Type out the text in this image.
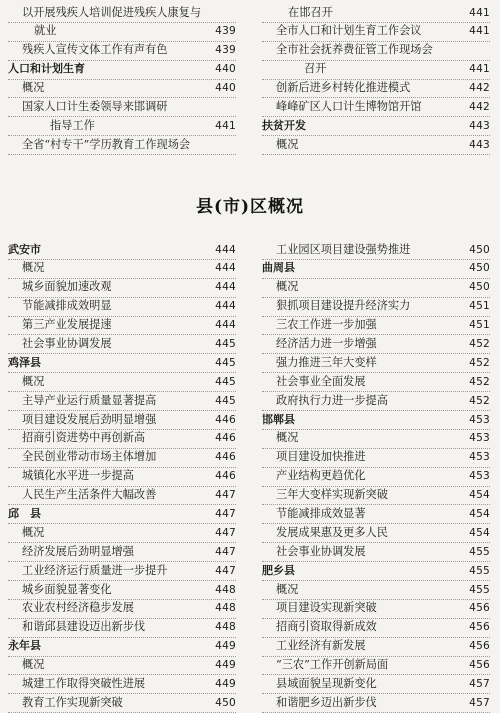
以开展残疾人培训促进残疾人康复与
就业	439
残疾人宣传文体工作有声有色	439
人口和计划生育	440
概况	440
国家人口计生委领导来邯调研
指导工作	441
全省“村专干”学历教育工作现场会
在邯召开	441
全市人口和计划生育工作会议	441
全市社会抚养费征管工作现场会
召开	441
创新后进乡村转化推进模式	442
峰峰矿区人口计生博物馆开馆	442
扶贫开发	443
概况	443
县(市)区概况
武安市	444
概况	444
城乡面貌加速改观	444
节能减排成效明显	444
第三产业发展提速	444
社会事业协调发展	445
鸡泽县	445
概况	445
主导产业运行质量显著提高	445
项目建设发展后劲明显增强	446
招商引资进势中再创新高	446
全民创业带动市场主体增加	446
城镇化水平进一步提高	446
人民生产生活条件大幅改善	447
邱　县	447
概况	447
经济发展后劲明显增强	447
工业经济运行质量进一步提升	447
城乡面貌显著变化	448
农业农村经济稳步发展	448
和谐邱县建设迈出新步伐	448
永年县	449
概况	449
城建工作取得突破性进展	449
教育工作实现新突破	450
工业园区项目建设强势推进	450
曲周县	450
概况	450
狠抓项目建设提升经济实力	451
三农工作进一步加强	451
经济活力进一步增强	452
强力推进三年大变样	452
社会事业全面发展	452
政府执行力进一步提高	452
邯郸县	453
概况	453
项目建设加快推进	453
产业结构更趋优化	453
三年大变样实现新突破	454
节能减排成效显著	454
发展成果惠及更多人民	454
社会事业协调发展	455
肥乡县	455
概况	455
项目建设实现新突破	456
招商引资取得新成效	456
工业经济有新发展	456
“三农”工作开创新局面	456
县域面貌呈现新变化	457
和谐肥乡迈出新步伐	457
